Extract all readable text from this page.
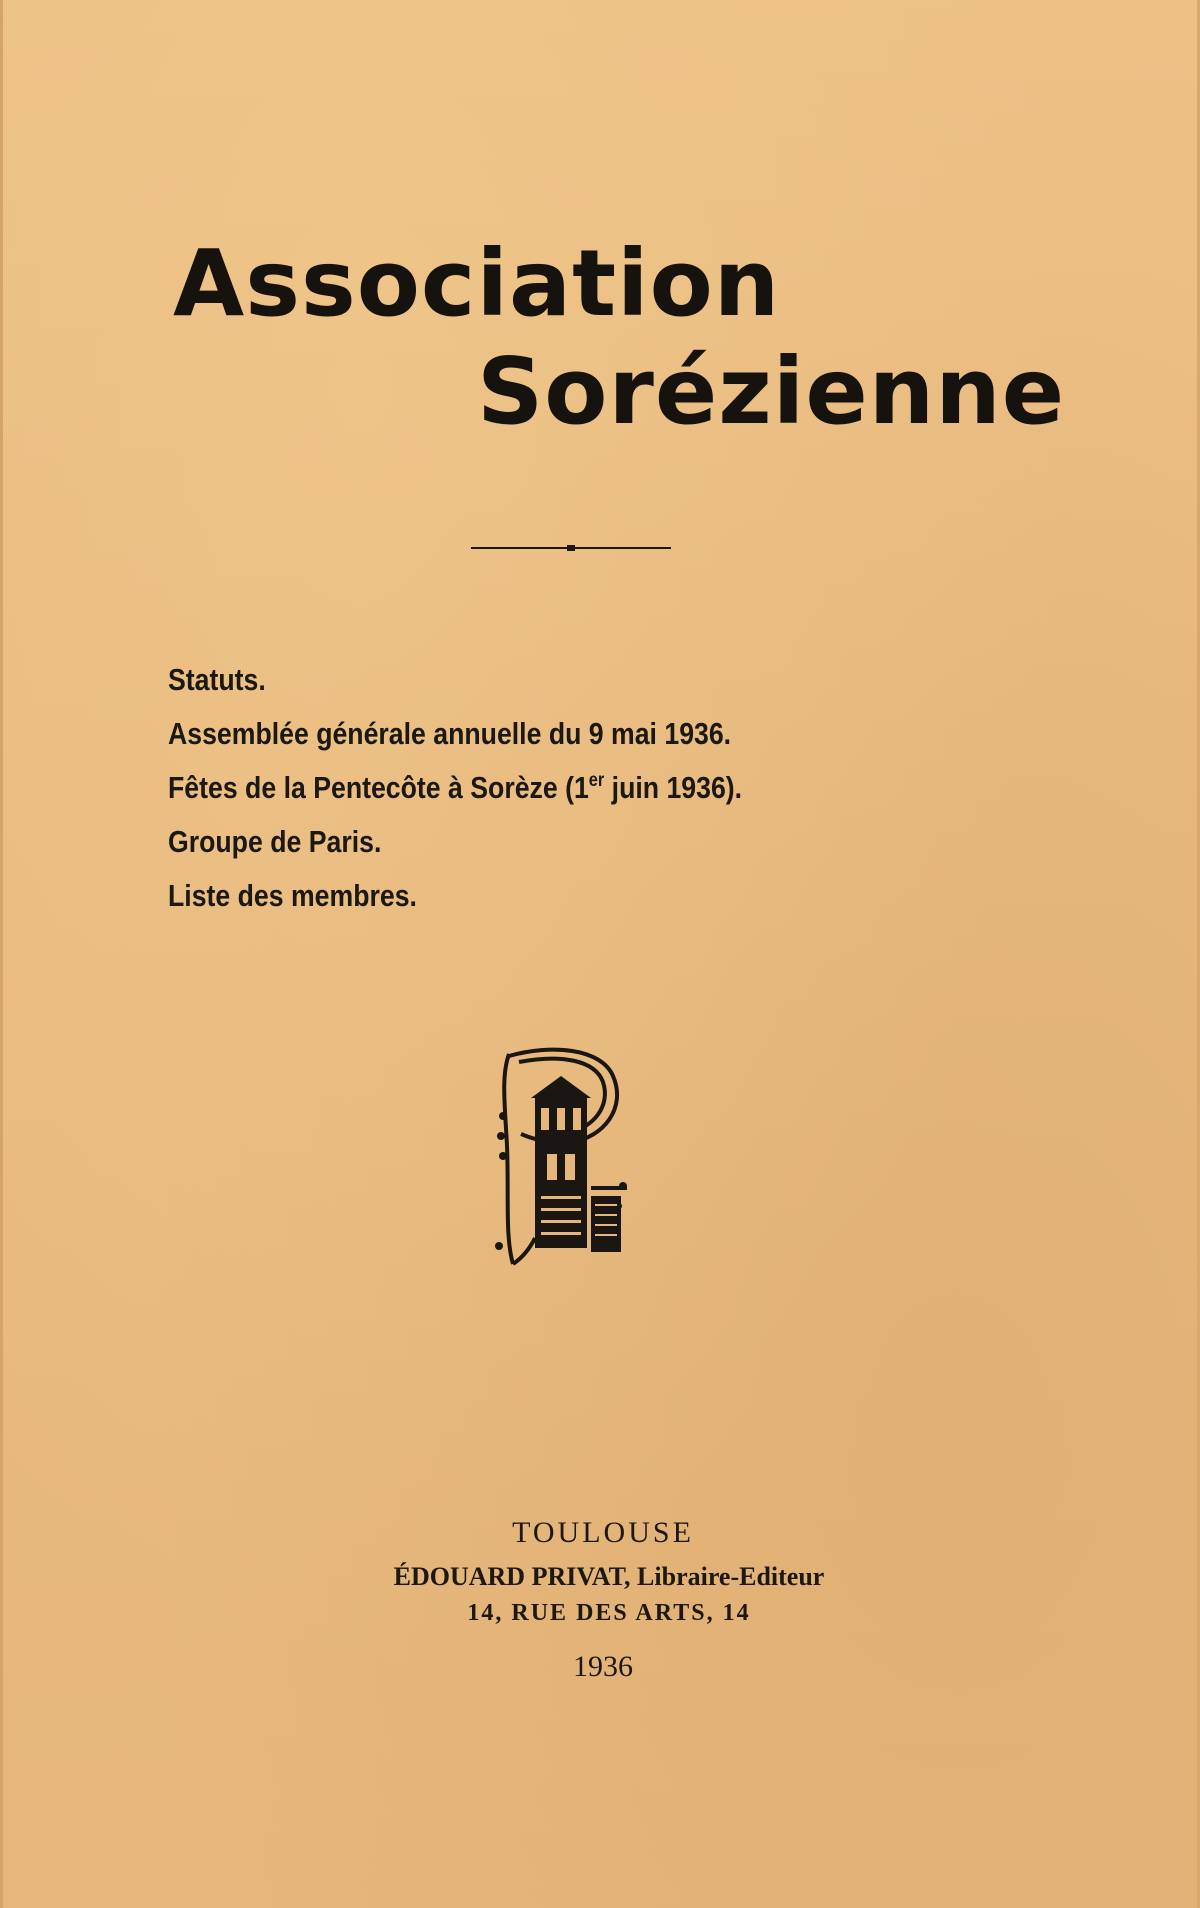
Association
Sorézienne
Statuts.
Assemblée générale annuelle du 9 mai 1936.
Fêtes de la Pentecôte à Sorèze (1er juin 1936).
Groupe de Paris.
Liste des membres.
TOULOUSE
ÉDOUARD PRIVAT, Libraire-Editeur
14, RUE DES ARTS, 14
1936
